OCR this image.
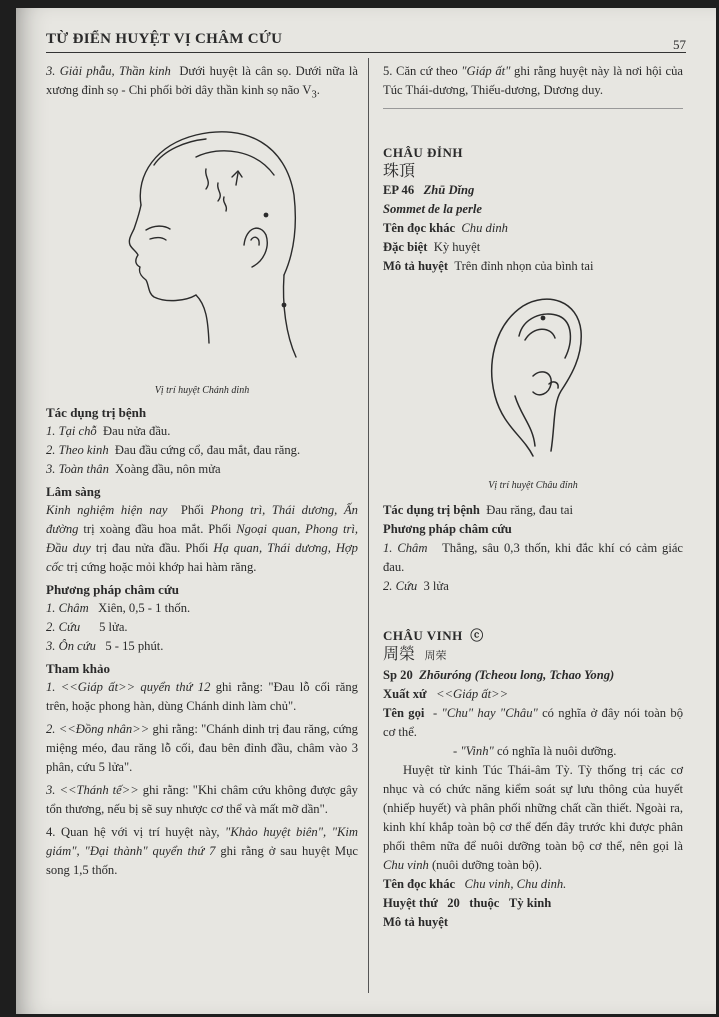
TỪ ĐIỂN HUYỆT VỊ CHÂM CỨU	57

3. Giải phẫu, Thần kinh Dưới huyệt là cân sọ. Dưới nữa là xương đỉnh sọ - Chi phối bởi dây thần kinh sọ não $V_3$.

Vị trí huyệt Chánh dinh

Tác dụng trị bệnh

1. Tại chỗ Đau nửa đầu.

2. Theo kinh Đau đầu cứng cổ, đau mắt, đau răng.

3. Toàn thân Xoàng đầu, nôn mửa

Lâm sàng

Kinh nghiệm hiện nay Phối Phong trì, Thái dương, Ấn đường trị xoàng đầu hoa mắt. Phối Ngoại quan, Phong trì, Đầu duy trị đau nửa đầu. Phối Hạ quan, Thái dương, Hợp cốc trị cứng hoặc mỏi khớp hai hàm răng.

Phương pháp châm cứu

1. Châm Xiên, 0,5 - 1 thốn.

2. Cứu 5 lửa.

3. Ôn cứu 5 - 15 phút.

Tham khảo

1. <<Giáp ất>> quyển thứ 12 ghi rằng: "Đau lỗ cối răng trên, hoặc phong hàn, dùng Chánh dinh làm chủ".

2. <<Đồng nhân>> ghi rằng: "Chánh dinh trị đau răng, cứng miệng méo, đau răng lỗ cối, đau bên đỉnh đầu, châm vào 3 phân, cứu 5 lửa".

3. <<Thánh tế>> ghi rằng: "Khi châm cứu không được gây tổn thương, nếu bị sẽ suy nhược cơ thể và mất mỡ dần".

4. Quan hệ với vị trí huyệt này, "Khảo huyệt biên", "Kim giám", "Đại thành" quyển thứ 7 ghi rằng ở sau huyệt Mục song 1,5 thốn.

5. Căn cứ theo "Giáp ất" ghi rằng huyệt này là nơi hội của Túc Thái-dương, Thiếu-dương, Dương duy.

CHÂU ĐỈNH

珠頂

EP 46 Zhū Dǐng

Sommet de la perle

Tên đọc khác Chu dinh

Đặc biệt Kỳ huyệt

Mô tả huyệt Trên đỉnh nhọn của bình tai

Vị trí huyệt Châu đỉnh

Tác dụng trị bệnh Đau răng, đau tai

Phương pháp châm cứu

1. Châm Thẳng, sâu 0,3 thốn, khi đắc khí có cảm giác đau.

2. Cứu 3 lửa

CHÂU VINH ⓒ

周榮 周荣

Sp 20 Zhōuróng (Tcheou long, Tchao Yong)

Xuất xứ <<Giáp ất>>

Tên gọi - "Chu" hay "Châu" có nghĩa ở đây nói toàn bộ cơ thể.

- "Vinh" có nghĩa là nuôi dưỡng.

Huyệt từ kinh Túc Thái-âm Tỳ. Tỳ thống trị các cơ nhục và có chức năng kiểm soát sự lưu thông của huyết (nhiếp huyết) và phân phối những chất cần thiết. Ngoài ra, kinh khí khắp toàn bộ cơ thể đến đây trước khi được phân phối thêm nữa để nuôi dưỡng toàn bộ cơ thể, nên gọi là Chu vinh (nuôi dưỡng toàn bộ).

Tên đọc khác Chu vinh, Chu dinh.

Huyệt thứ 20 thuộc Tỳ kinh

Mô tả huyệt
